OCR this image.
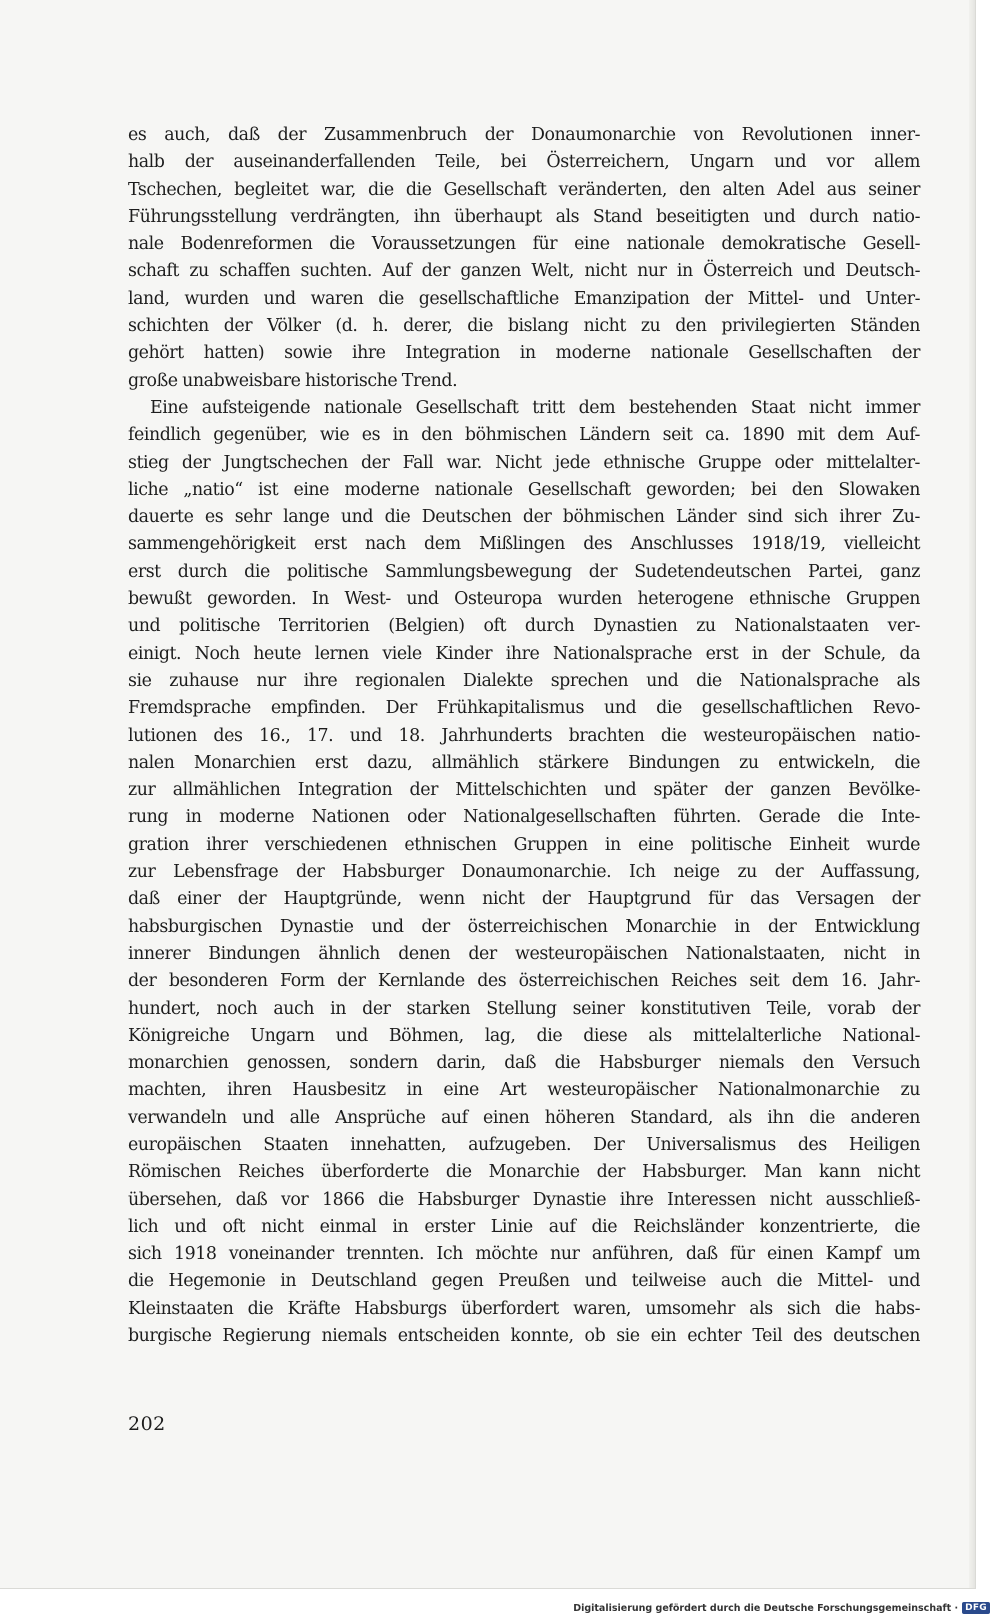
es auch, daß der Zusammenbruch der Donaumonarchie von Revolutionen inner-
halb der auseinanderfallenden Teile, bei Österreichern, Ungarn und vor allem
Tschechen, begleitet war, die die Gesellschaft veränderten, den alten Adel aus seiner
Führungsstellung verdrängten, ihn überhaupt als Stand beseitigten und durch natio-
nale Bodenreformen die Voraussetzungen für eine nationale demokratische Gesell-
schaft zu schaffen suchten. Auf der ganzen Welt, nicht nur in Österreich und Deutsch-
land, wurden und waren die gesellschaftliche Emanzipation der Mittel- und Unter-
schichten der Völker (d. h. derer, die bislang nicht zu den privilegierten Ständen
gehört hatten) sowie ihre Integration in moderne nationale Gesellschaften der
große unabweisbare historische Trend.
Eine aufsteigende nationale Gesellschaft tritt dem bestehenden Staat nicht immer
feindlich gegenüber, wie es in den böhmischen Ländern seit ca. 1890 mit dem Auf-
stieg der Jungtschechen der Fall war. Nicht jede ethnische Gruppe oder mittelalter-
liche „natio“ ist eine moderne nationale Gesellschaft geworden; bei den Slowaken
dauerte es sehr lange und die Deutschen der böhmischen Länder sind sich ihrer Zu-
sammengehörigkeit erst nach dem Mißlingen des Anschlusses 1918/19, vielleicht
erst durch die politische Sammlungsbewegung der Sudetendeutschen Partei, ganz
bewußt geworden. In West- und Osteuropa wurden heterogene ethnische Gruppen
und politische Territorien (Belgien) oft durch Dynastien zu Nationalstaaten ver-
einigt. Noch heute lernen viele Kinder ihre Nationalsprache erst in der Schule, da
sie zuhause nur ihre regionalen Dialekte sprechen und die Nationalsprache als
Fremdsprache empfinden. Der Frühkapitalismus und die gesellschaftlichen Revo-
lutionen des 16., 17. und 18. Jahrhunderts brachten die westeuropäischen natio-
nalen Monarchien erst dazu, allmählich stärkere Bindungen zu entwickeln, die
zur allmählichen Integration der Mittelschichten und später der ganzen Bevölke-
rung in moderne Nationen oder Nationalgesellschaften führten. Gerade die Inte-
gration ihrer verschiedenen ethnischen Gruppen in eine politische Einheit wurde
zur Lebensfrage der Habsburger Donaumonarchie. Ich neige zu der Auffassung,
daß einer der Hauptgründe, wenn nicht der Hauptgrund für das Versagen der
habsburgischen Dynastie und der österreichischen Monarchie in der Entwicklung
innerer Bindungen ähnlich denen der westeuropäischen Nationalstaaten, nicht in
der besonderen Form der Kernlande des österreichischen Reiches seit dem 16. Jahr-
hundert, noch auch in der starken Stellung seiner konstitutiven Teile, vorab der
Königreiche Ungarn und Böhmen, lag, die diese als mittelalterliche National-
monarchien genossen, sondern darin, daß die Habsburger niemals den Versuch
machten, ihren Hausbesitz in eine Art westeuropäischer Nationalmonarchie zu
verwandeln und alle Ansprüche auf einen höheren Standard, als ihn die anderen
europäischen Staaten innehatten, aufzugeben. Der Universalismus des Heiligen
Römischen Reiches überforderte die Monarchie der Habsburger. Man kann nicht
übersehen, daß vor 1866 die Habsburger Dynastie ihre Interessen nicht ausschließ-
lich und oft nicht einmal in erster Linie auf die Reichsländer konzentrierte, die
sich 1918 voneinander trennten. Ich möchte nur anführen, daß für einen Kampf um
die Hegemonie in Deutschland gegen Preußen und teilweise auch die Mittel- und
Kleinstaaten die Kräfte Habsburgs überfordert waren, umsomehr als sich die habs-
burgische Regierung niemals entscheiden konnte, ob sie ein echter Teil des deutschen
202
Digitalisierung gefördert durch die Deutsche Forschungsgemeinschaft · DFG
